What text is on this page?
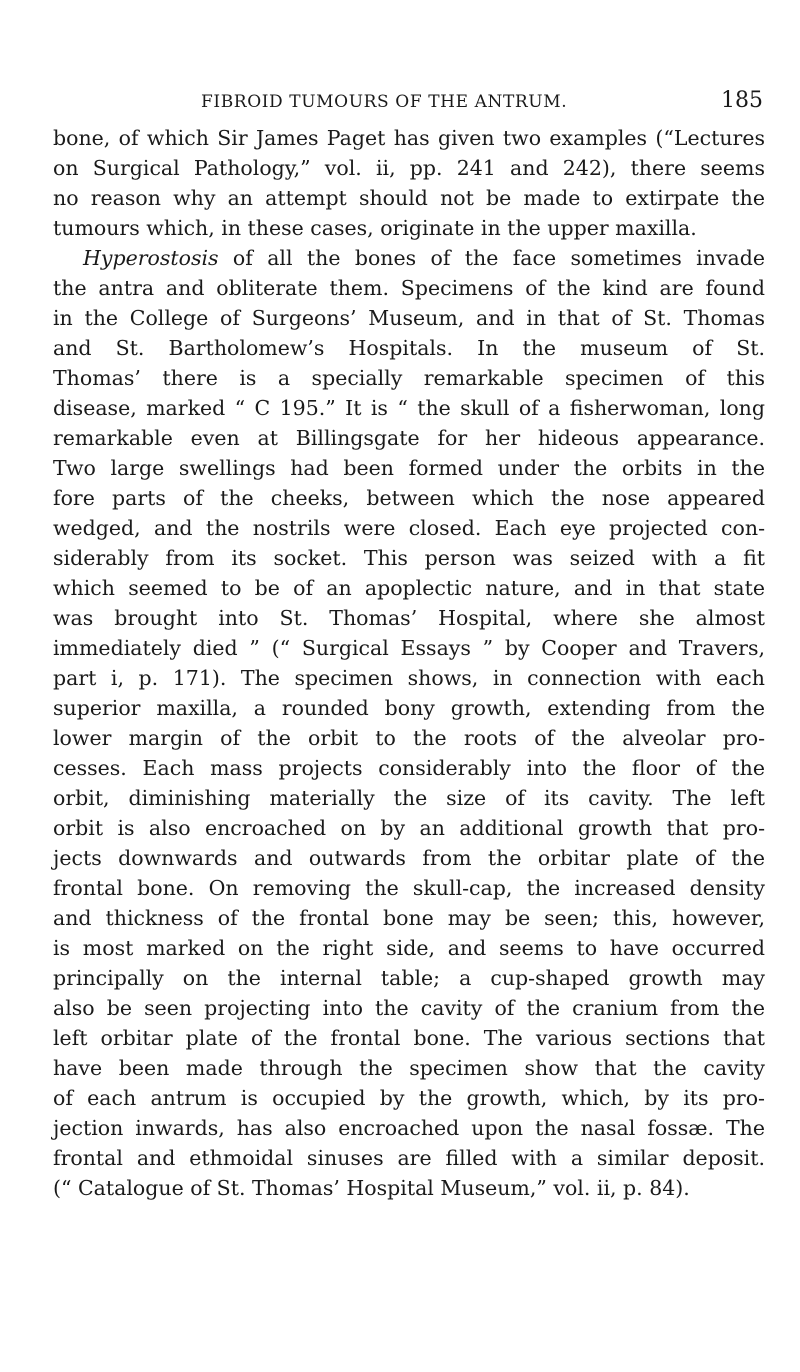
FIBROID TUMOURS OF THE ANTRUM.	185
bone, of which Sir James Paget has given two examples (“Lectures
on Surgical Pathology,” vol. ii, pp. 241 and 242), there seems
no reason why an attempt should not be made to extirpate the
tumours which, in these cases, originate in the upper maxilla.
Hyperostosis of all the bones of the face sometimes invade
the antra and obliterate them. Specimens of the kind are found
in the College of Surgeons’ Museum, and in that of St. Thomas
and St. Bartholomew’s Hospitals. In the museum of St.
Thomas’ there is a specially remarkable specimen of this
disease, marked “ C 195.” It is “ the skull of a fisherwoman, long
remarkable even at Billingsgate for her hideous appearance.
Two large swellings had been formed under the orbits in the
fore parts of the cheeks, between which the nose appeared
wedged, and the nostrils were closed. Each eye projected con-
siderably from its socket. This person was seized with a fit
which seemed to be of an apoplectic nature, and in that state
was brought into St. Thomas’ Hospital, where she almost
immediately died ” (“ Surgical Essays ” by Cooper and Travers,
part i, p. 171). The specimen shows, in connection with each
superior maxilla, a rounded bony growth, extending from the
lower margin of the orbit to the roots of the alveolar pro-
cesses. Each mass projects considerably into the floor of the
orbit, diminishing materially the size of its cavity. The left
orbit is also encroached on by an additional growth that pro-
jects downwards and outwards from the orbitar plate of the
frontal bone. On removing the skull-cap, the increased density
and thickness of the frontal bone may be seen; this, however,
is most marked on the right side, and seems to have occurred
principally on the internal table; a cup-shaped growth may
also be seen projecting into the cavity of the cranium from the
left orbitar plate of the frontal bone. The various sections that
have been made through the specimen show that the cavity
of each antrum is occupied by the growth, which, by its pro-
jection inwards, has also encroached upon the nasal fossæ. The
frontal and ethmoidal sinuses are filled with a similar deposit.
(“ Catalogue of St. Thomas’ Hospital Museum,” vol. ii, p. 84).
